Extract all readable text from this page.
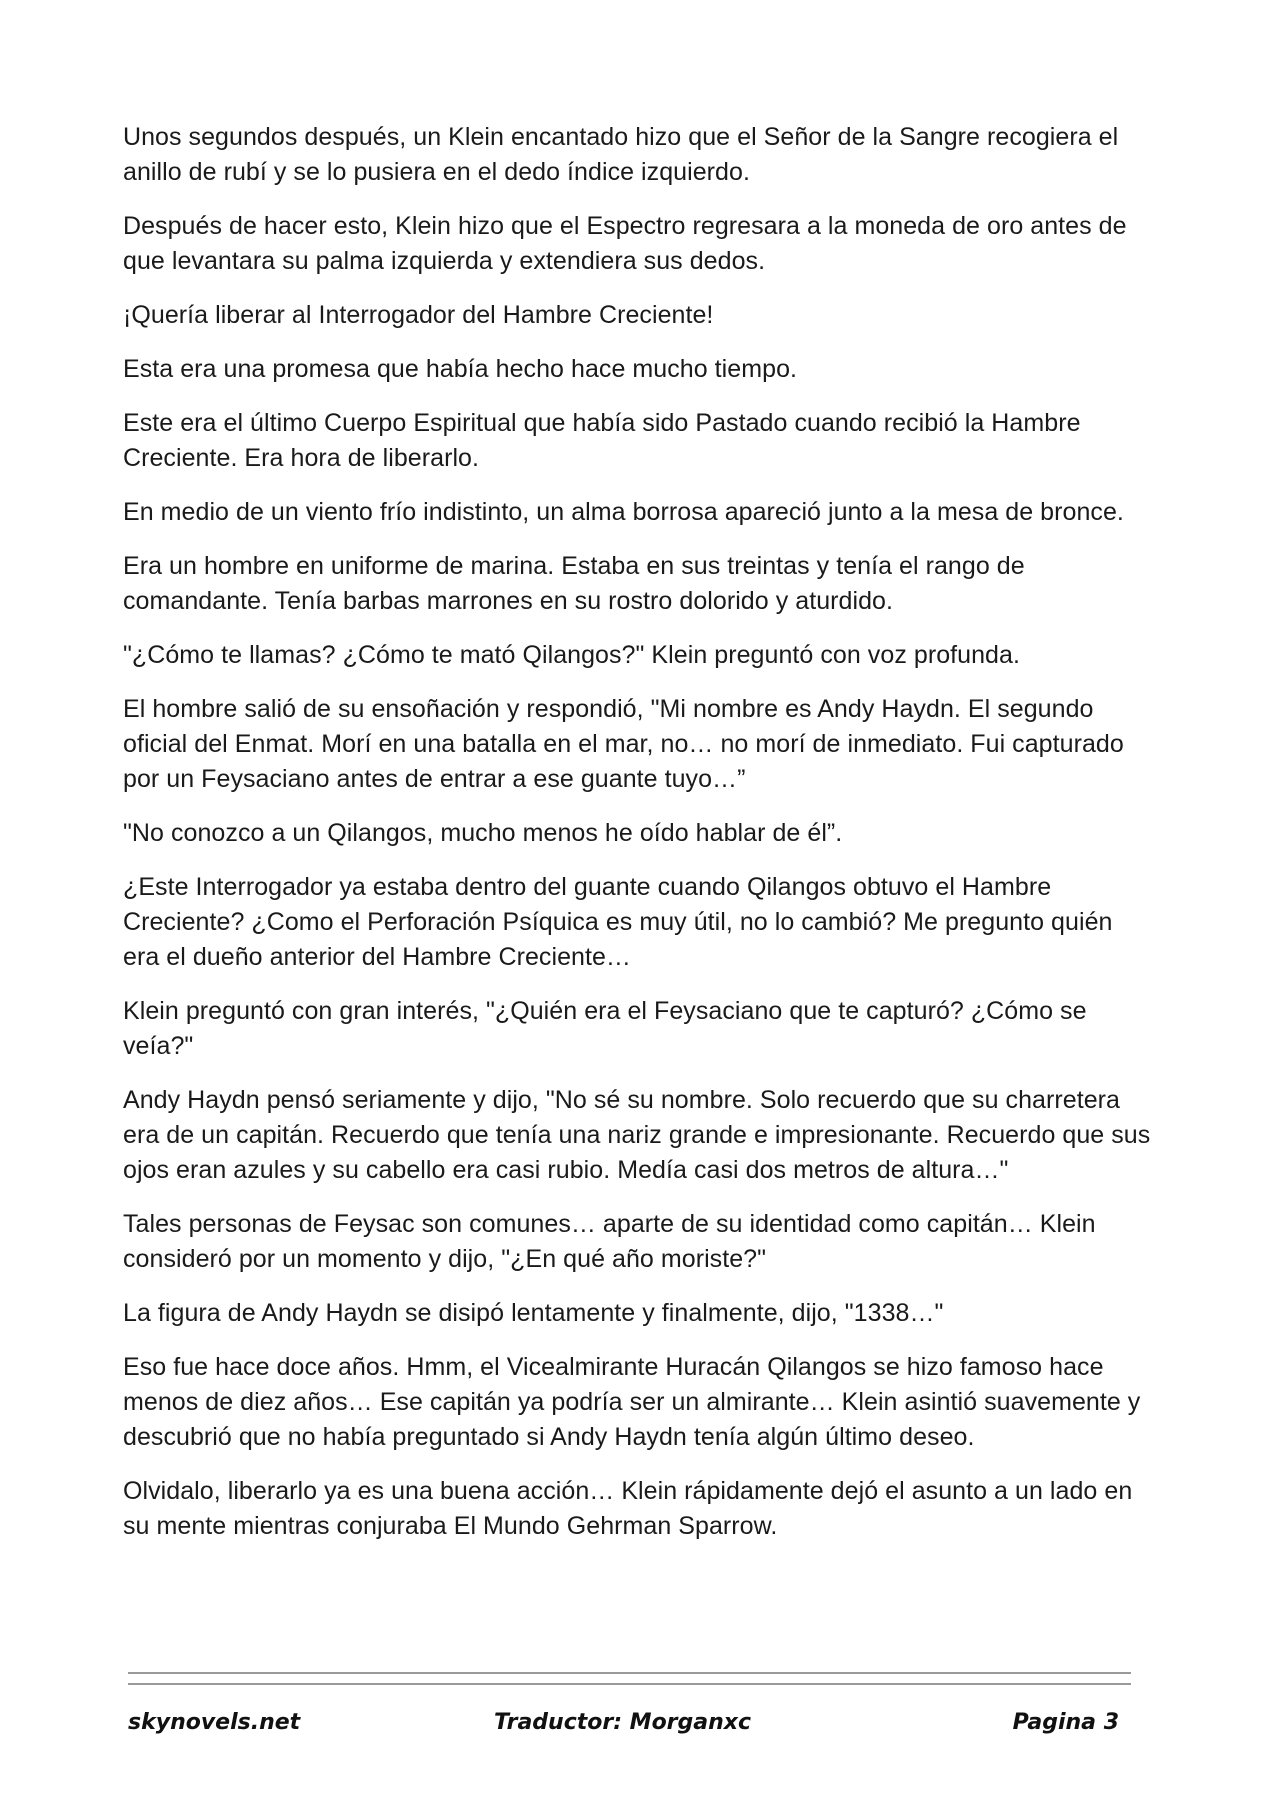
Unos segundos después, un Klein encantado hizo que el Señor de la Sangre recogiera el anillo de rubí y se lo pusiera en el dedo índice izquierdo.

Después de hacer esto, Klein hizo que el Espectro regresara a la moneda de oro antes de que levantara su palma izquierda y extendiera sus dedos.

¡Quería liberar al Interrogador del Hambre Creciente!

Esta era una promesa que había hecho hace mucho tiempo.

Este era el último Cuerpo Espiritual que había sido Pastado cuando recibió la Hambre Creciente. Era hora de liberarlo.

En medio de un viento frío indistinto, un alma borrosa apareció junto a la mesa de bronce.

Era un hombre en uniforme de marina. Estaba en sus treintas y tenía el rango de comandante. Tenía barbas marrones en su rostro dolorido y aturdido.

"¿Cómo te llamas? ¿Cómo te mató Qilangos?" Klein preguntó con voz profunda.

El hombre salió de su ensoñación y respondió, "Mi nombre es Andy Haydn. El segundo oficial del Enmat. Morí en una batalla en el mar, no… no morí de inmediato. Fui capturado por un Feysaciano antes de entrar a ese guante tuyo…”

"No conozco a un Qilangos, mucho menos he oído hablar de él”.

¿Este Interrogador ya estaba dentro del guante cuando Qilangos obtuvo el Hambre Creciente? ¿Como el Perforación Psíquica es muy útil, no lo cambió? Me pregunto quién era el dueño anterior del Hambre Creciente…

Klein preguntó con gran interés, "¿Quién era el Feysaciano que te capturó? ¿Cómo se veía?"

Andy Haydn pensó seriamente y dijo, "No sé su nombre. Solo recuerdo que su charretera era de un capitán. Recuerdo que tenía una nariz grande e impresionante. Recuerdo que sus ojos eran azules y su cabello era casi rubio. Medía casi dos metros de altura…"

Tales personas de Feysac son comunes… aparte de su identidad como capitán… Klein consideró por un momento y dijo, "¿En qué año moriste?"

La figura de Andy Haydn se disipó lentamente y finalmente, dijo, "1338…"

Eso fue hace doce años. Hmm, el Vicealmirante Huracán Qilangos se hizo famoso hace menos de diez años… Ese capitán ya podría ser un almirante… Klein asintió suavemente y descubrió que no había preguntado si Andy Haydn tenía algún último deseo.

Olvidalo, liberarlo ya es una buena acción… Klein rápidamente dejó el asunto a un lado en su mente mientras conjuraba El Mundo Gehrman Sparrow.

skynovels.net	Traductor: Morganxc	Pagina 3
